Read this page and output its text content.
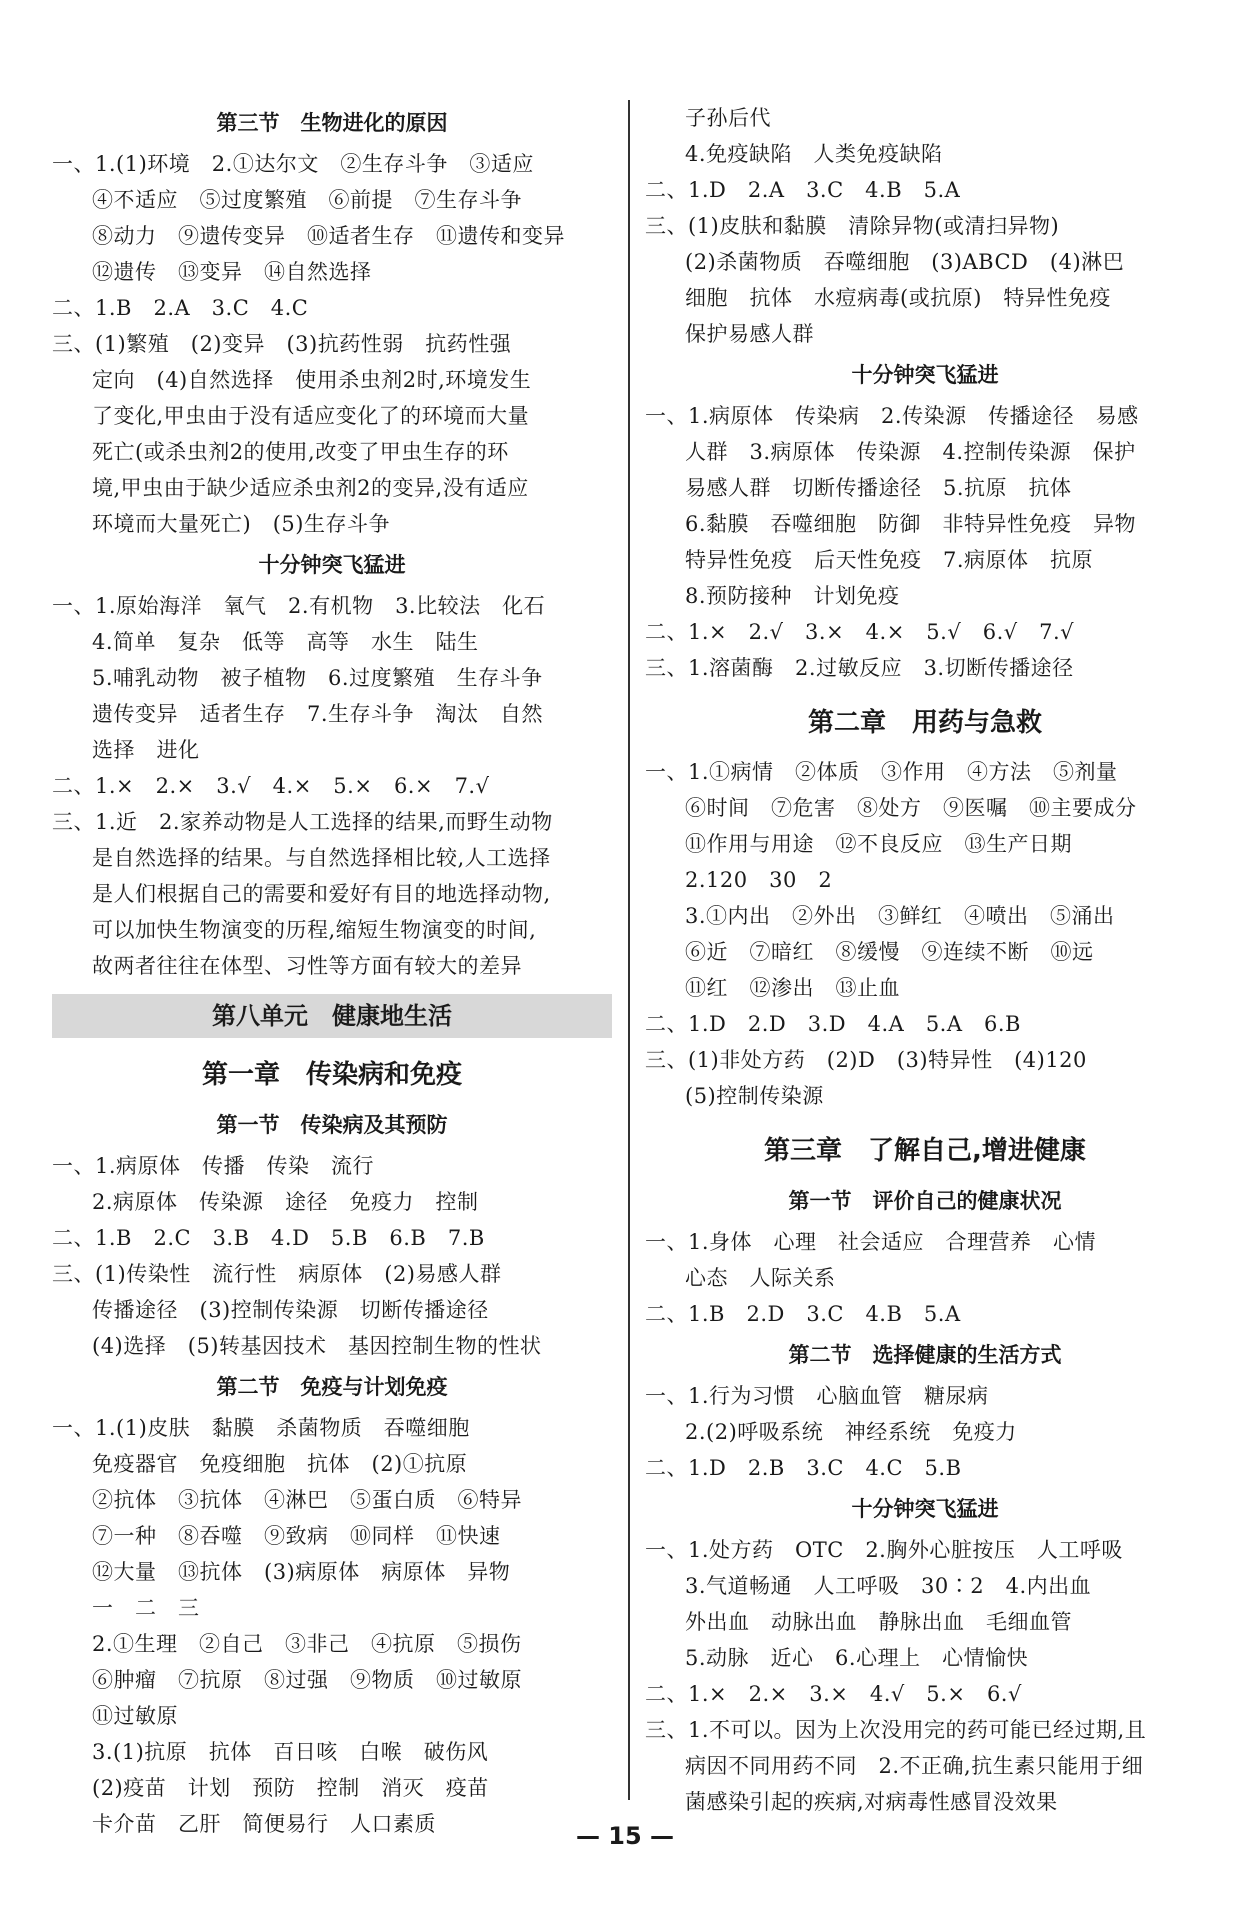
第三节　生物进化的原因
一、1.(1)环境　2.①达尔文　②生存斗争　③适应
④不适应　⑤过度繁殖　⑥前提　⑦生存斗争
⑧动力　⑨遗传变异　⑩适者生存　⑪遗传和变异
⑫遗传　⑬变异　⑭自然选择
二、1.B　2.A　3.C　4.C
三、(1)繁殖　(2)变异　(3)抗药性弱　抗药性强
定向　(4)自然选择　使用杀虫剂2时,环境发生
了变化,甲虫由于没有适应变化了的环境而大量
死亡(或杀虫剂2的使用,改变了甲虫生存的环
境,甲虫由于缺少适应杀虫剂2的变异,没有适应
环境而大量死亡)　(5)生存斗争
十分钟突飞猛进
一、1.原始海洋　氧气　2.有机物　3.比较法　化石
4.简单　复杂　低等　高等　水生　陆生
5.哺乳动物　被子植物　6.过度繁殖　生存斗争
遗传变异　适者生存　7.生存斗争　淘汰　自然
选择　进化
二、1.×　2.×　3.√　4.×　5.×　6.×　7.√
三、1.近　2.家养动物是人工选择的结果,而野生动物
是自然选择的结果。与自然选择相比较,人工选择
是人们根据自己的需要和爱好有目的地选择动物,
可以加快生物演变的历程,缩短生物演变的时间,
故两者往往在体型、习性等方面有较大的差异
第八单元　健康地生活
第一章　传染病和免疫
第一节　传染病及其预防
一、1.病原体　传播　传染　流行
2.病原体　传染源　途径　免疫力　控制
二、1.B　2.C　3.B　4.D　5.B　6.B　7.B
三、(1)传染性　流行性　病原体　(2)易感人群
传播途径　(3)控制传染源　切断传播途径
(4)选择　(5)转基因技术　基因控制生物的性状
第二节　免疫与计划免疫
一、1.(1)皮肤　黏膜　杀菌物质　吞噬细胞
免疫器官　免疫细胞　抗体　(2)①抗原
②抗体　③抗体　④淋巴　⑤蛋白质　⑥特异
⑦一种　⑧吞噬　⑨致病　⑩同样　⑪快速
⑫大量　⑬抗体　(3)病原体　病原体　异物
一　二　三
2.①生理　②自己　③非己　④抗原　⑤损伤
⑥肿瘤　⑦抗原　⑧过强　⑨物质　⑩过敏原
⑪过敏原
3.(1)抗原　抗体　百日咳　白喉　破伤风
(2)疫苗　计划　预防　控制　消灭　疫苗
卡介苗　乙肝　简便易行　人口素质
子孙后代
4.免疫缺陷　人类免疫缺陷
二、1.D　2.A　3.C　4.B　5.A
三、(1)皮肤和黏膜　清除异物(或清扫异物)
(2)杀菌物质　吞噬细胞　(3)ABCD　(4)淋巴
细胞　抗体　水痘病毒(或抗原)　特异性免疫
保护易感人群
十分钟突飞猛进
一、1.病原体　传染病　2.传染源　传播途径　易感
人群　3.病原体　传染源　4.控制传染源　保护
易感人群　切断传播途径　5.抗原　抗体
6.黏膜　吞噬细胞　防御　非特异性免疫　异物
特异性免疫　后天性免疫　7.病原体　抗原
8.预防接种　计划免疫
二、1.×　2.√　3.×　4.×　5.√　6.√　7.√
三、1.溶菌酶　2.过敏反应　3.切断传播途径
第二章　用药与急救
一、1.①病情　②体质　③作用　④方法　⑤剂量
⑥时间　⑦危害　⑧处方　⑨医嘱　⑩主要成分
⑪作用与用途　⑫不良反应　⑬生产日期
2.120　30　2
3.①内出　②外出　③鲜红　④喷出　⑤涌出
⑥近　⑦暗红　⑧缓慢　⑨连续不断　⑩远
⑪红　⑫渗出　⑬止血
二、1.D　2.D　3.D　4.A　5.A　6.B
三、(1)非处方药　(2)D　(3)特异性　(4)120
(5)控制传染源
第三章　了解自己,增进健康
第一节　评价自己的健康状况
一、1.身体　心理　社会适应　合理营养　心情
心态　人际关系
二、1.B　2.D　3.C　4.B　5.A
第二节　选择健康的生活方式
一、1.行为习惯　心脑血管　糖尿病
2.(2)呼吸系统　神经系统　免疫力
二、1.D　2.B　3.C　4.C　5.B
十分钟突飞猛进
一、1.处方药　OTC　2.胸外心脏按压　人工呼吸
3.气道畅通　人工呼吸　30∶2　4.内出血
外出血　动脉出血　静脉出血　毛细血管
5.动脉　近心　6.心理上　心情愉快
二、1.×　2.×　3.×　4.√　5.×　6.√
三、1.不可以。因为上次没用完的药可能已经过期,且
病因不同用药不同　2.不正确,抗生素只能用于细
菌感染引起的疾病,对病毒性感冒没效果
— 15 —
